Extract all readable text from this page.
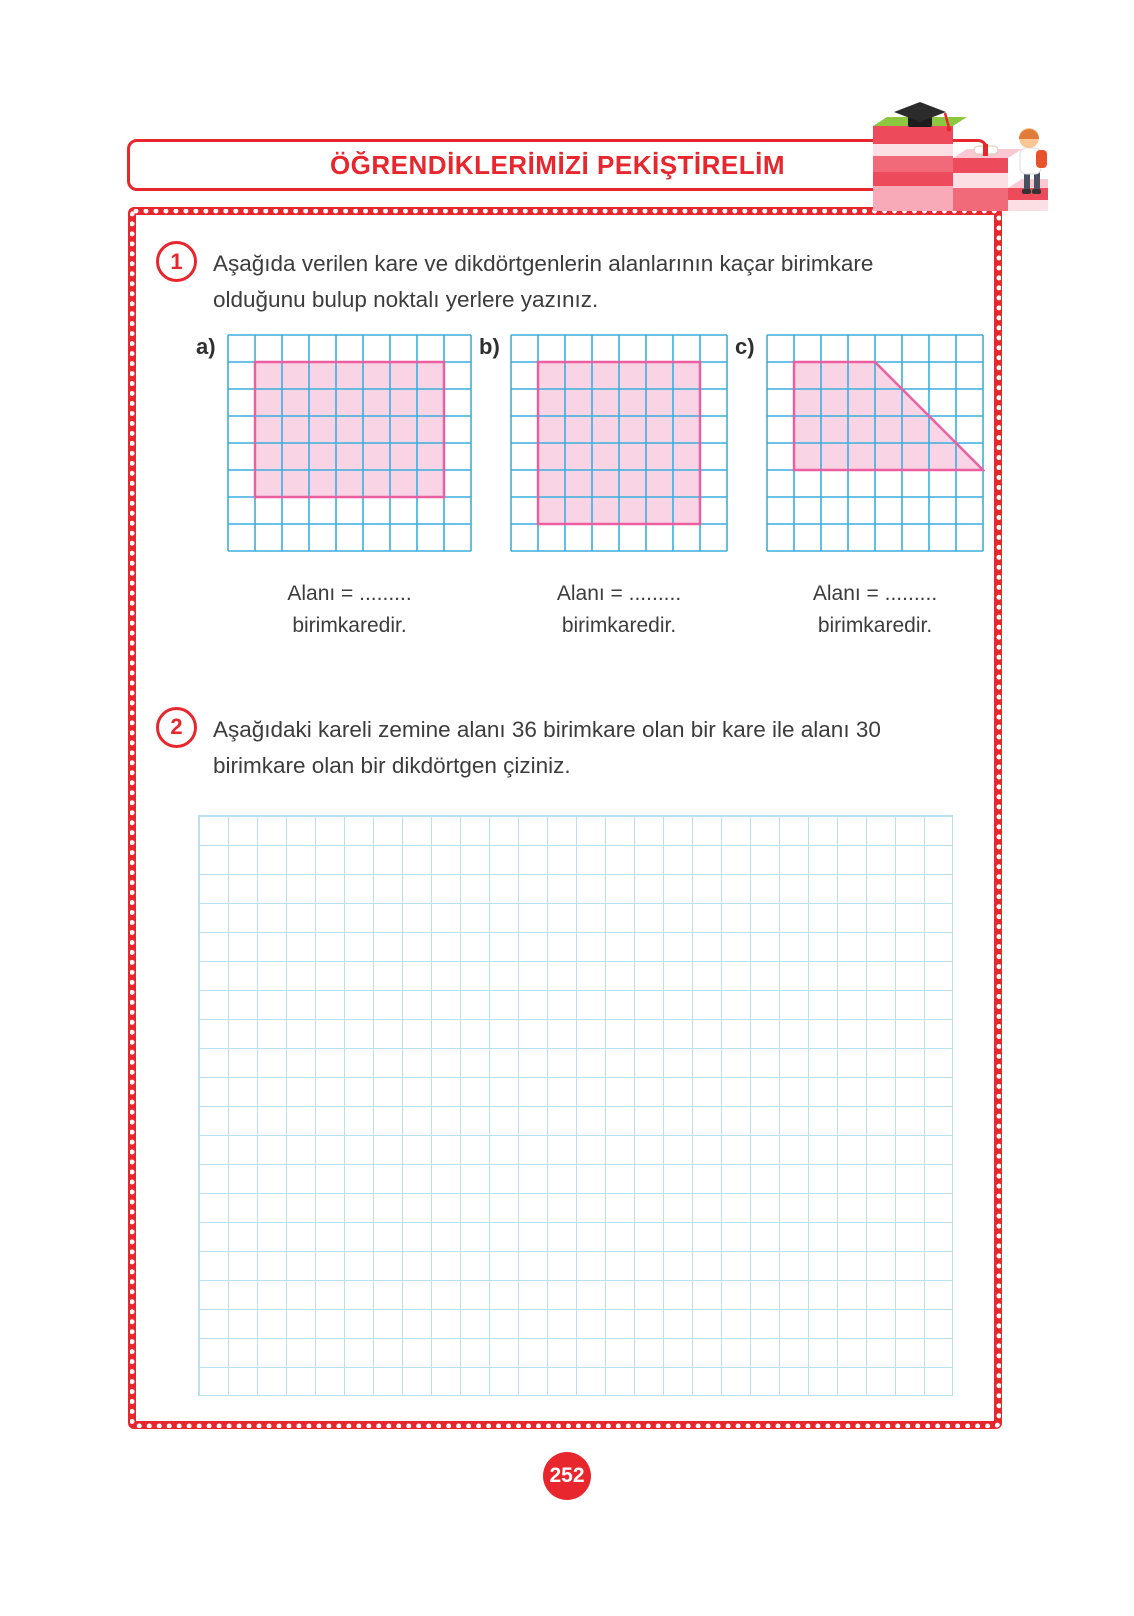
ÖĞRENDİKLERİMİZİ PEKİŞTİRELİM
1 Aşağıda verilen kare ve dikdörtgenlerin alanlarının kaçar birimkare olduğunu bulup noktalı yerlere yazınız.

a)
Alanı = .........
birimkaredir.
b)
Alanı = .........
birimkaredir.
c)
Alanı = .........
birimkaredir.
2 Aşağıdaki kareli zemine alanı 36 birimkare olan bir kare ile alanı 30 birimkare olan bir dikdörtgen çiziniz.

252
